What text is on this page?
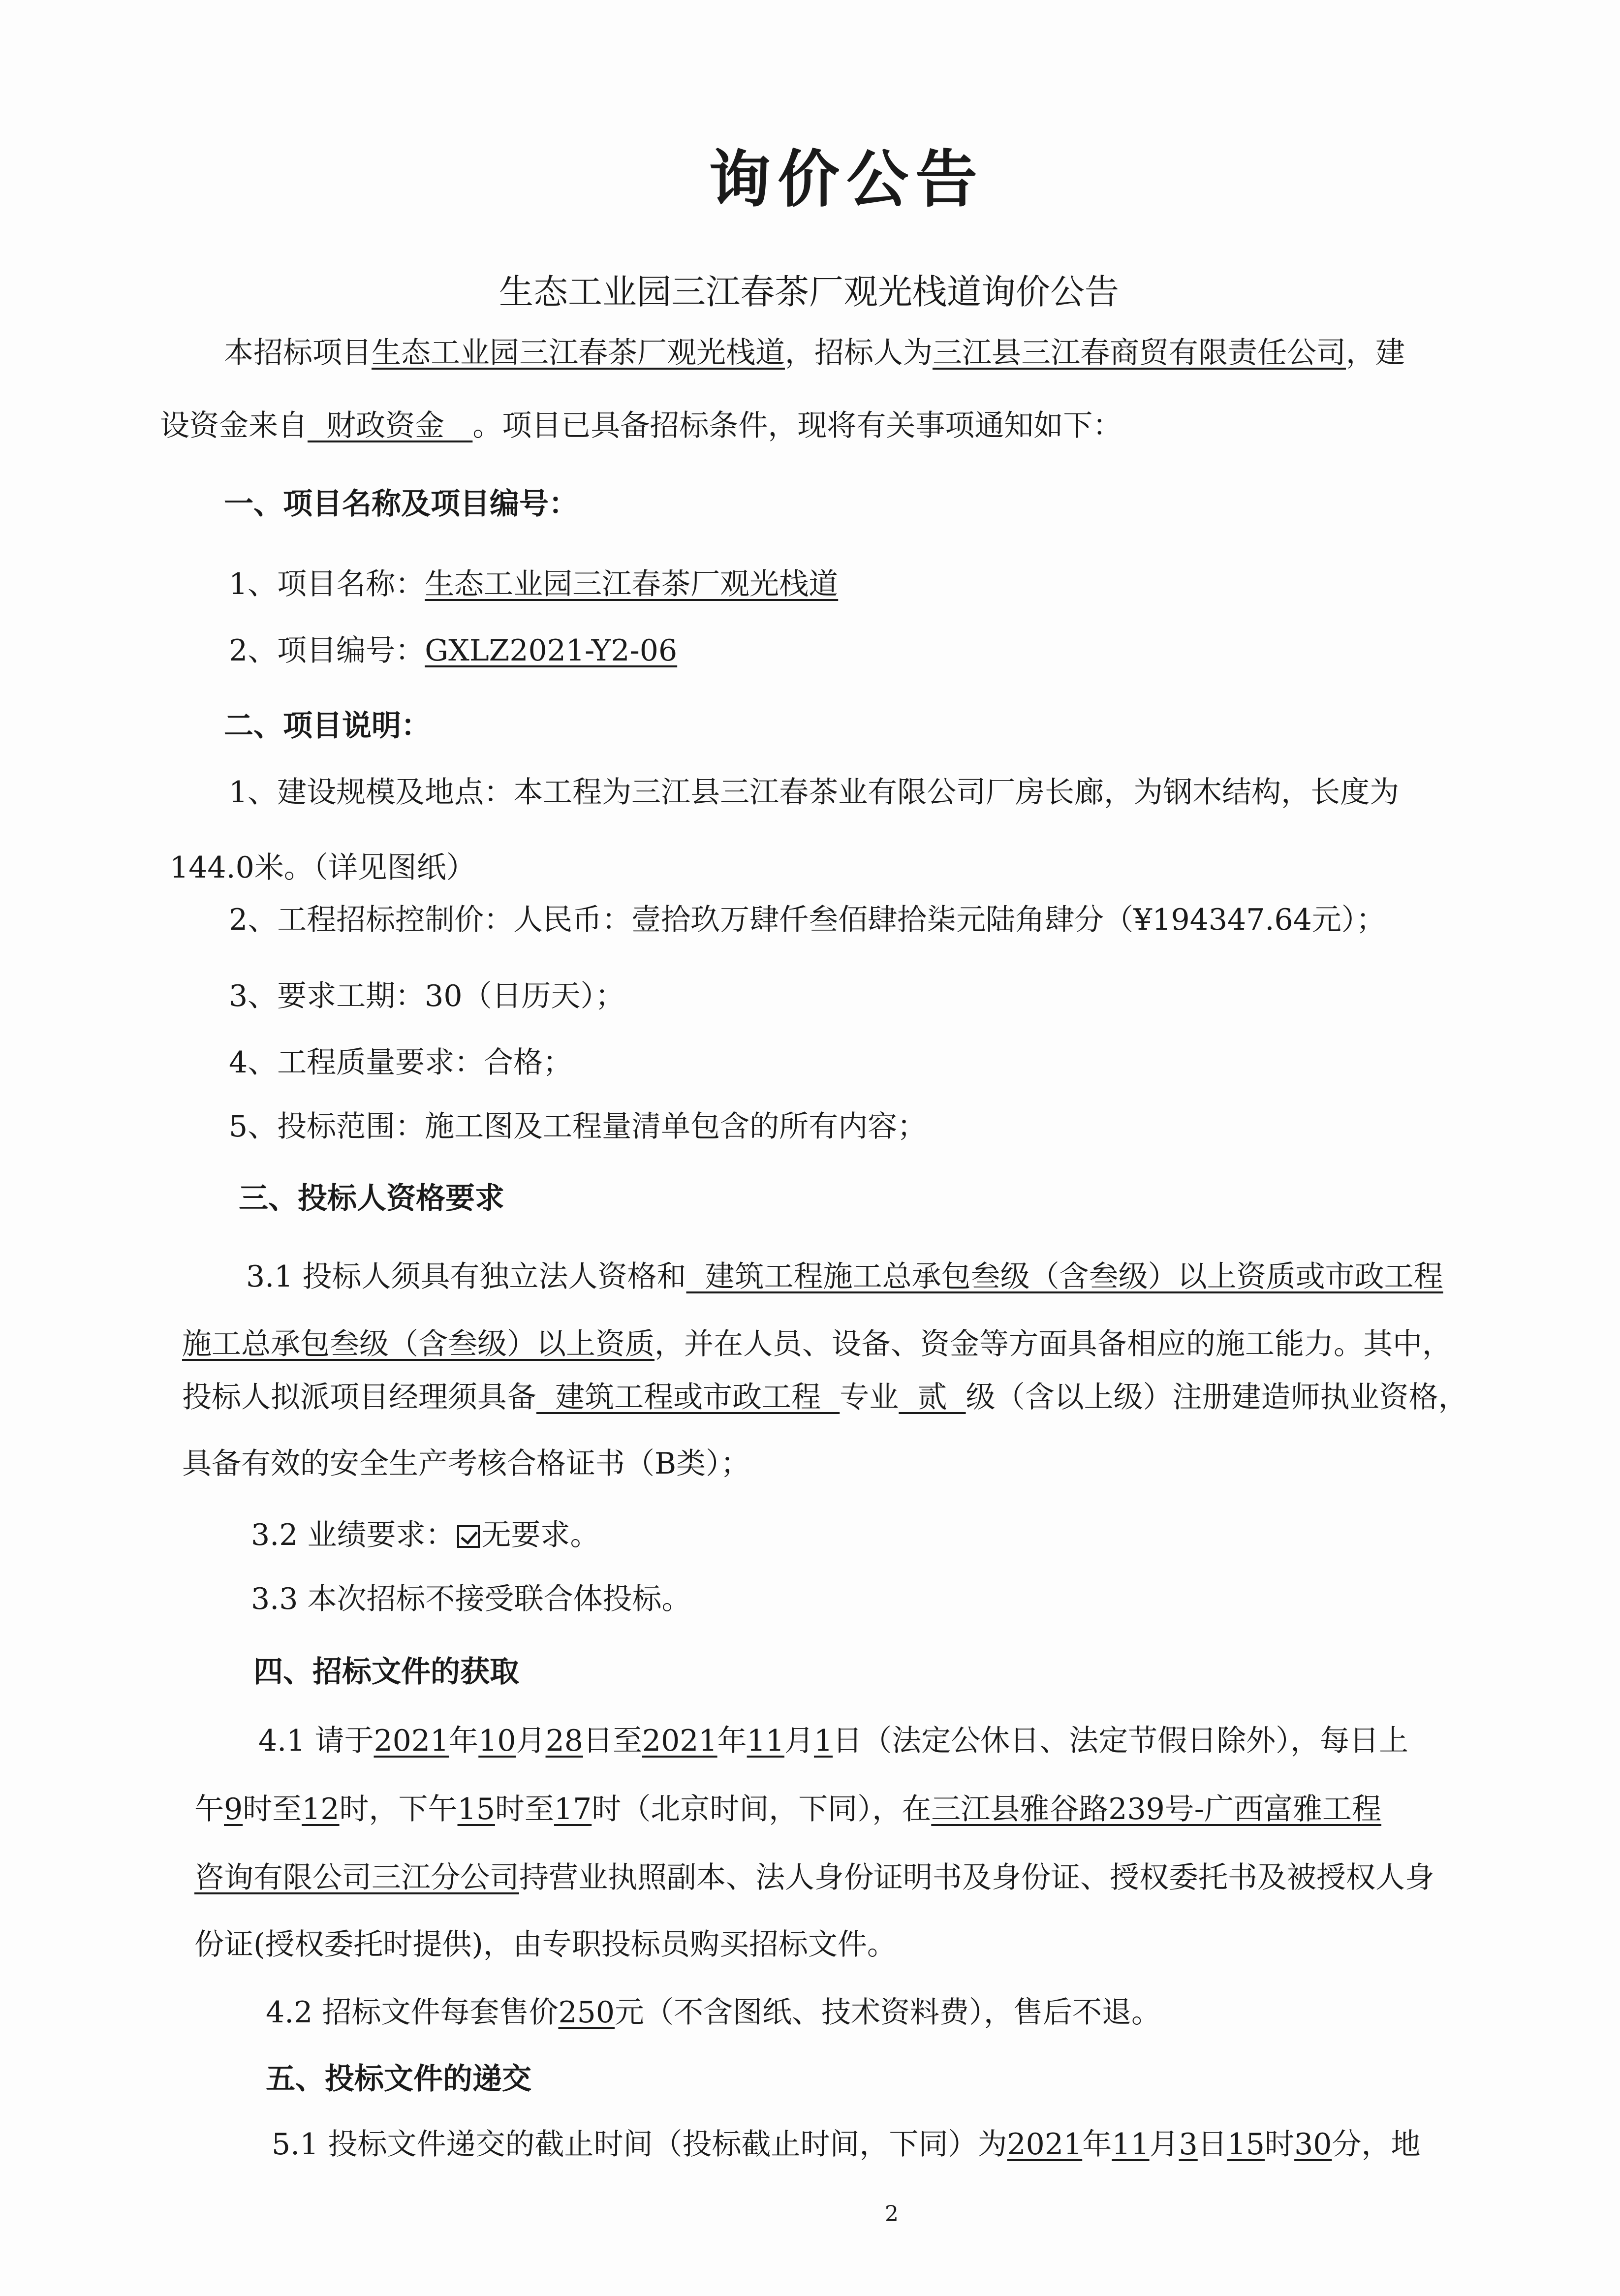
询价公告
生态工业园三江春茶厂观光栈道询价公告
本招标项目生态工业园三江春茶厂观光栈道，招标人为三江县三江春商贸有限责任公司，建
设资金来自  财政资金   。项目已具备招标条件，现将有关事项通知如下：
一、项目名称及项目编号：
1、项目名称：生态工业园三江春茶厂观光栈道
2、项目编号：GXLZ2021-Y2-06
二、项目说明：
1、建设规模及地点：本工程为三江县三江春茶业有限公司厂房长廊，为钢木结构，长度为
144.0米。（详见图纸）
2、工程招标控制价：人民币：壹拾玖万肆仟叁佰肆拾柒元陆角肆分（¥194347.64元）；
3、要求工期：30（日历天）；
4、工程质量要求：合格；
5、投标范围：施工图及工程量清单包含的所有内容；
三、投标人资格要求
3.1 投标人须具有独立法人资格和  建筑工程施工总承包叁级（含叁级）以上资质或市政工程
施工总承包叁级（含叁级）以上资质，并在人员、设备、资金等方面具备相应的施工能力。其中，
投标人拟派项目经理须具备  建筑工程或市政工程  专业  贰  级（含以上级）注册建造师执业资格，
具备有效的安全生产考核合格证书（B类）；
3.2 业绩要求： 无要求。
3.3 本次招标不接受联合体投标。
四、招标文件的获取
4.1 请于2021年10月28日至2021年11月1日（法定公休日、法定节假日除外），每日上
午9时至12时，下午15时至17时（北京时间，下同），在三江县雅谷路239号-广西富雅工程
咨询有限公司三江分公司持营业执照副本、法人身份证明书及身份证、授权委托书及被授权人身
份证(授权委托时提供)，由专职投标员购买招标文件。
4.2 招标文件每套售价250元（不含图纸、技术资料费），售后不退。
五、投标文件的递交
5.1 投标文件递交的截止时间（投标截止时间，下同）为2021年11月3日15时30分，地
2
